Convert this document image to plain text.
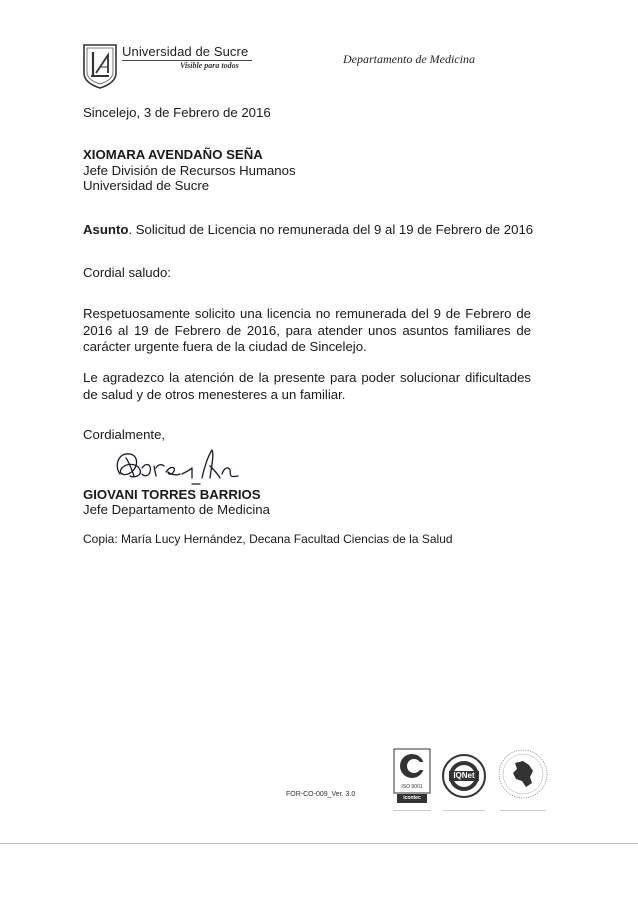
Universidad de Sucre
Visible para todos	Departamento de Medicina
Sincelejo, 3 de Febrero de 2016
XIOMARA AVENDAÑO SEÑA
Jefe División de Recursos Humanos
Universidad de Sucre
Asunto. Solicitud de Licencia no remunerada del 9 al 19 de Febrero de 2016
Cordial saludo:
Respetuosamente solicito una licencia no remunerada del 9 de Febrero de 2016 al 19 de Febrero de 2016, para atender unos asuntos familiares de carácter urgente fuera de la ciudad de Sincelejo.
Le agradezco la atención de la presente para poder solucionar dificultades de salud y de otros menesteres a un familiar.
Cordialmente,
GIOVANI TORRES BARRIOS
Jefe Departamento de Medicina
Copia: María Lucy Hernández, Decana Facultad Ciencias de la Salud
FOR-CO-009_Ver. 3.0
ISO 9001
icontec
IQNet
